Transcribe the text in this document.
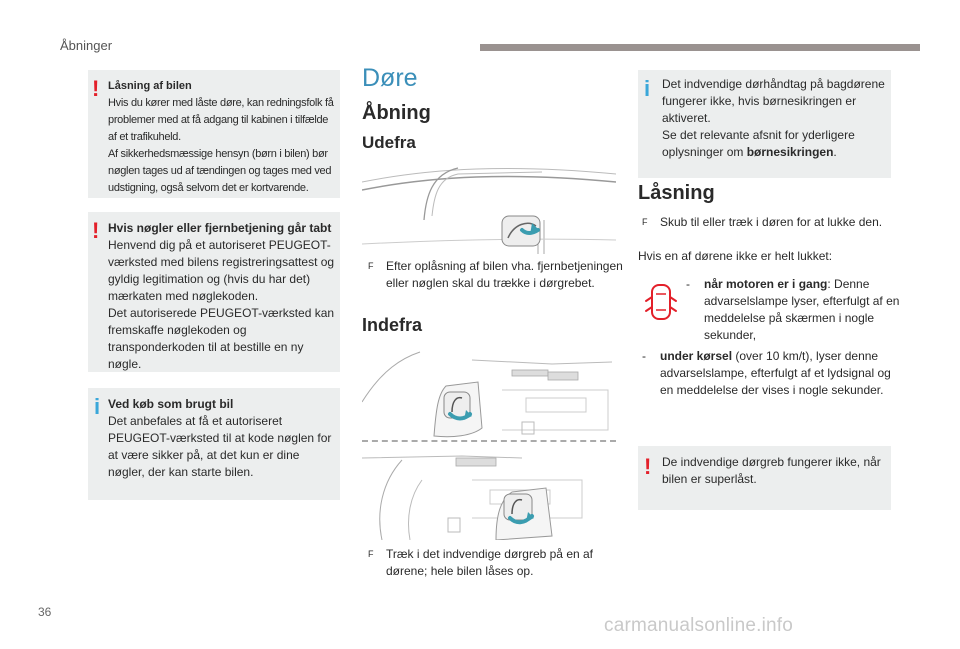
Åbninger
! Låsning af bilen
Hvis du kører med låste døre, kan redningsfolk få problemer med at få adgang til kabinen i tilfælde af et trafikuheld.
Af sikkerhedsmæssige hensyn (børn i bilen) bør nøglen tages ud af tændingen og tages med ved udstigning, også selvom det er kortvarende.
! Hvis nøgler eller fjernbetjening går tabt
Henvend dig på et autoriseret PEUGEOT-værksted med bilens registreringsattest og gyldig legitimation og (hvis du har det) mærkaten med nøglekoden.
Det autoriserede PEUGEOT-værksted kan fremskaffe nøglekoden og transponderkoden til at bestille en ny nøgle.
i Ved køb som brugt bil
Det anbefales at få et autoriseret PEUGEOT-værksted til at kode nøglen for at være sikker på, at det kun er dine nøgler, der kan starte bilen.
Døre
Åbning
Udefra
F Efter oplåsning af bilen vha. fjernbetjeningen eller nøglen skal du trække i dørgrebet.
Indefra
F Træk i det indvendige dørgreb på en af dørene; hele bilen låses op.
i Det indvendige dørhåndtag på bagdørene fungerer ikke, hvis børnesikringen er aktiveret.
Se det relevante afsnit for yderligere oplysninger om børnesikringen.
Låsning
F Skub til eller træk i døren for at lukke den.
Hvis en af dørene ikke er helt lukket:
- når motoren er i gang: Denne advarselslampe lyser, efterfulgt af en meddelelse på skærmen i nogle sekunder,
- under kørsel (over 10 km/t), lyser denne advarselslampe, efterfulgt af et lydsignal og en meddelelse der vises i nogle sekunder.
! De indvendige dørgreb fungerer ikke, når bilen er superlåst.
36
carmanualsonline.info
